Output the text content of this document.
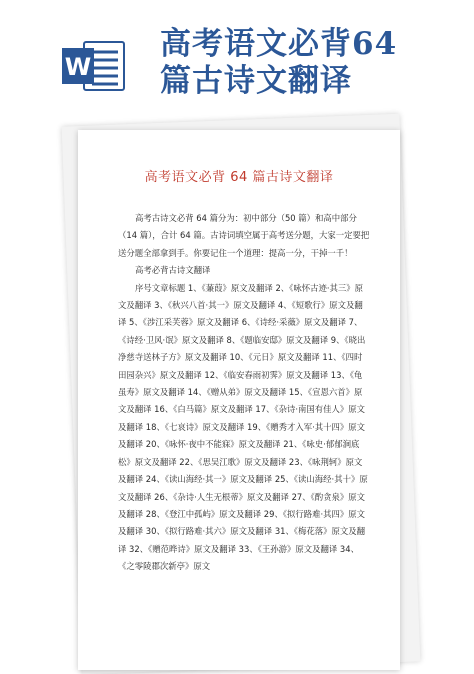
W
高考语文必背64
篇古诗文翻译
高考语文必背 64 篇古诗文翻译

高考古诗文必背 64 篇分为：初中部分（50 篇）和高中部分（14 篇），合计 64 篇。古诗词填空属于高考送分题，大家一定要把送分题全部拿到手。你要记住一个道理：提高一分，干掉一千！

高考必背古诗文翻译

序号文章标题 1、《蒹葭》原文及翻译 2、《咏怀古迹·其三》原文及翻译 3、《秋兴八首·其一》原文及翻译 4、《短歌行》原文及翻译 5、《涉江采芙蓉》原文及翻译 6、《诗经·采薇》原文及翻译 7、《诗经·卫风·氓》原文及翻译 8、《题临安邸》原文及翻译 9、《晓出净慈寺送林子方》原文及翻译 10、《元日》原文及翻译 11、《四时田园杂兴》原文及翻译 12、《临安春雨初霁》原文及翻译 13、《龟虽寿》原文及翻译 14、《赠从弟》原文及翻译 15、《宣恩六首》原文及翻译 16、《白马篇》原文及翻译 17、《杂诗·南国有佳人》原文及翻译 18、《七哀诗》原文及翻译 19、《赠秀才入军·其十四》原文及翻译 20、《咏怀·夜中不能寐》原文及翻译 21、《咏史·郁郁涧底松》原文及翻译 22、《思吴江歌》原文及翻译 23、《咏荆轲》原文及翻译 24、《读山海经·其一》原文及翻译 25、《读山海经·其十》原文及翻译 26、《杂诗·人生无根蒂》原文及翻译 27、《酌贪泉》原文及翻译 28、《登江中孤屿》原文及翻译 29、《拟行路难·其四》原文及翻译 30、《拟行路难·其六》原文及翻译 31、《梅花落》原文及翻译 32、《赠范晔诗》原文及翻译 33、《王孙游》原文及翻译 34、《之零陵郡次新亭》原文
